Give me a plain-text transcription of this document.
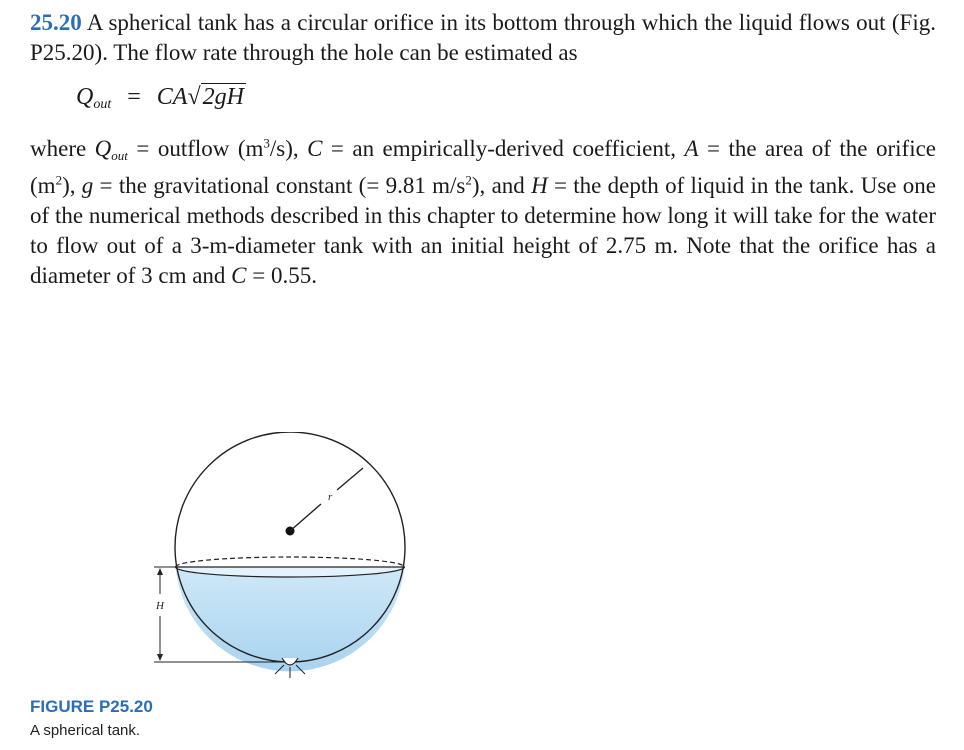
25.20 A spherical tank has a circular orifice in its bottom through which the liquid flows out (Fig. P25.20). The flow rate through the hole can be estimated as
$Q_{out} = CA√2gH$
where $Q_{out}$ = outflow $(m^3/s)$, C = an empirically-derived coefficient, A = the area of the orifice $(m^2)$, g = the gravitational constant (= 9.81 $m/s^2$), and H = the depth of liquid in the tank. Use one of the numerical methods described in this chapter to determine how long it will take for the water to flow out of a 3-m-diameter tank with an initial height of 2.75 m. Note that the orifice has a diameter of 3 cm and C = 0.55.
r
H
FIGURE P25.20
A spherical tank.
